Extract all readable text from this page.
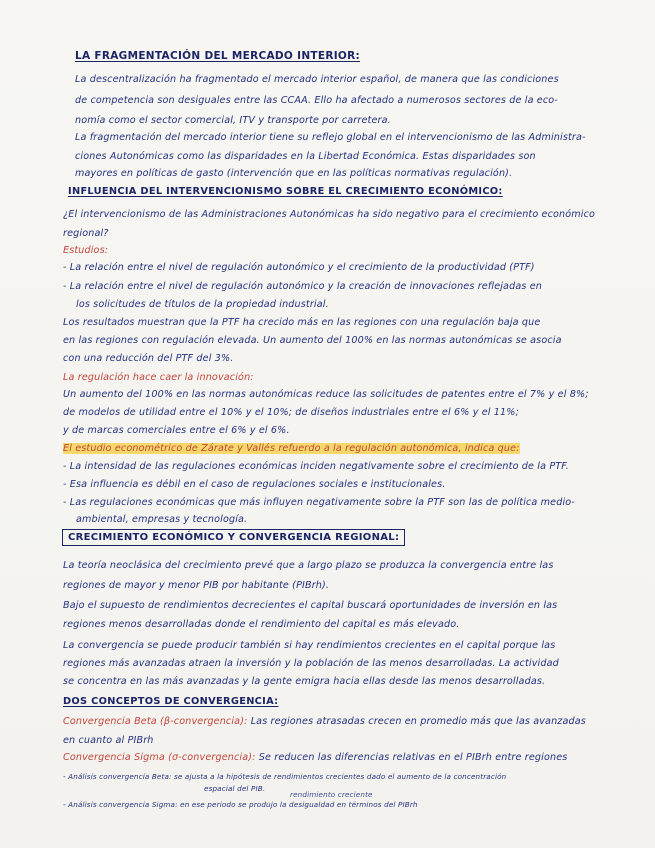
LA FRAGMENTACIÓN DEL MERCADO INTERIOR:
La descentralización ha fragmentado el mercado interior español, de manera que las condiciones
de competencia son desiguales entre las CCAA. Ello ha afectado a numerosos sectores de la eco-
nomía como el sector comercial, ITV y transporte por carretera.
La fragmentación del mercado interior tiene su reflejo global en el intervencionismo de las Administra-
ciones Autonómicas como las disparidades en la Libertad Económica. Estas disparidades son
mayores en políticas de gasto (intervención que en las políticas normativas regulación).
INFLUENCIA DEL INTERVENCIONISMO SOBRE EL CRECIMIENTO ECONÓMICO:
¿El intervencionismo de las Administraciones Autonómicas ha sido negativo para el crecimiento económico
regional?
Estudios:
- La relación entre el nivel de regulación autonómico y el crecimiento de la productividad (PTF)
- La relación entre el nivel de regulación autonómico y la creación de innovaciones reflejadas en
los solicitudes de títulos de la propiedad industrial.
Los resultados muestran que la PTF ha crecido más en las regiones con una regulación baja que
en las regiones con regulación elevada. Un aumento del 100% en las normas autonómicas se asocia
con una reducción del PTF del 3%.
La regulación hace caer la innovación:
Un aumento del 100% en las normas autonómicas reduce las solicitudes de patentes entre el 7% y el 8%;
de modelos de utilidad entre el 10% y el 10%; de diseños industriales entre el 6% y el 11%;
y de marcas comerciales entre el 6% y el 6%.
El estudio econométrico de Zárate y Vallés refuerdo a la regulación autonómica, indica que:
- La intensidad de las regulaciones económicas inciden negativamente sobre el crecimiento de la PTF.
- Esa influencia es débil en el caso de regulaciones sociales e institucionales.
- Las regulaciones económicas que más influyen negativamente sobre la PTF son las de política medio-
ambiental, empresas y tecnología.
CRECIMIENTO ECONÓMICO Y CONVERGENCIA REGIONAL:
La teoría neoclásica del crecimiento prevé que a largo plazo se produzca la convergencia entre las
regiones de mayor y menor PIB por habitante (PIBrh).
Bajo el supuesto de rendimientos decrecientes el capital buscará oportunidades de inversión en las
regiones menos desarrolladas donde el rendimiento del capital es más elevado.
La convergencia se puede producir también si hay rendimientos crecientes en el capital porque las
regiones más avanzadas atraen la inversión y la población de las menos desarrolladas. La actividad
se concentra en las más avanzadas y la gente emigra hacia ellas desde las menos desarrolladas.
DOS CONCEPTOS DE CONVERGENCIA:
Convergencia Beta (β-convergencia): Las regiones atrasadas crecen en promedio más que las avanzadas
en cuanto al PIBrh
Convergencia Sigma (σ-convergencia): Se reducen las diferencias relativas en el PIBrh entre regiones
- Análisis convergencia Beta: se ajusta a la hipótesis de rendimientos crecientes dado el aumento de la concentración
espacial del PIB.
rendimiento creciente
- Análisis convergencia Sigma: en ese periodo se produjo la desigualdad en términos del PIBrh
